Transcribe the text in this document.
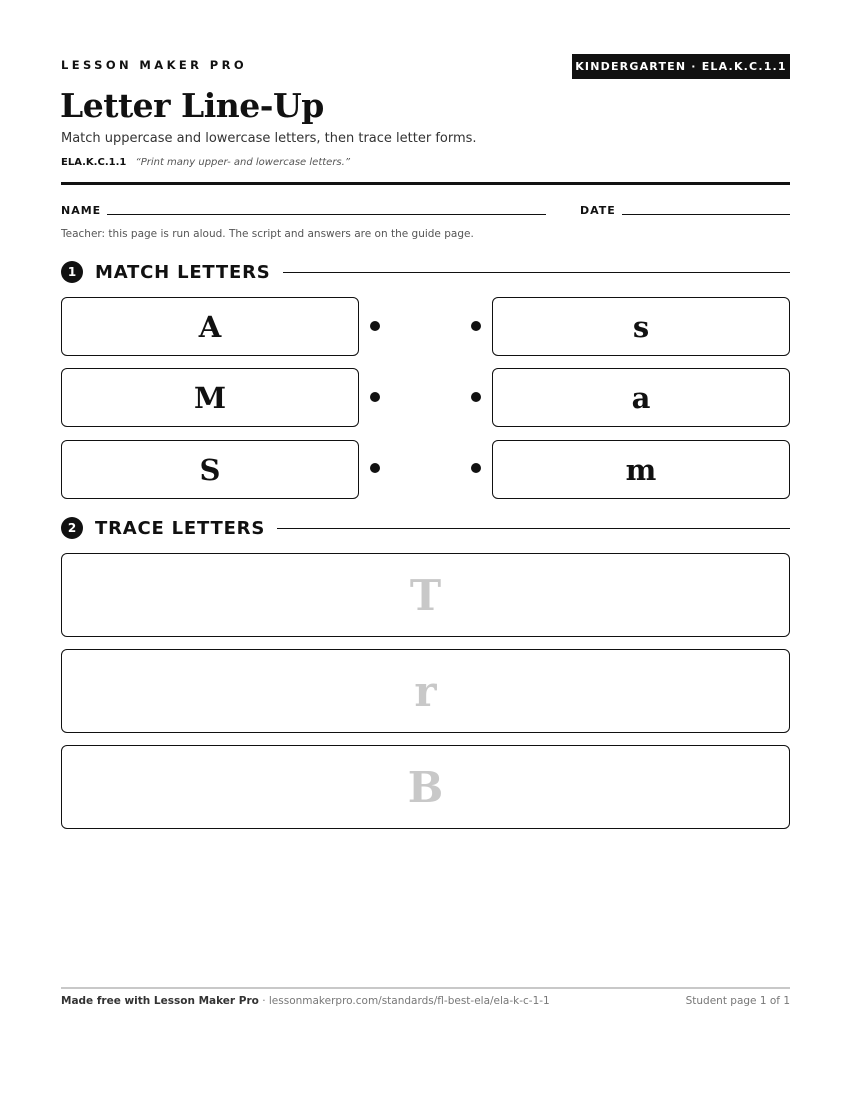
LESSON MAKER PRO	KINDERGARTEN · ELA.K.C.1.1
Letter Line-Up
Match uppercase and lowercase letters, then trace letter forms.
ELA.K.C.1.1 “Print many upper- and lowercase letters.”
NAME	DATE
Teacher: this page is run aloud. The script and answers are on the guide page.
1	MATCH LETTERS
A	s
M	a
S	m
2	TRACE LETTERS
T
r
B
Made free with Lesson Maker Pro · lessonmakerpro.com/standards/fl-best-ela/ela-k-c-1-1	Student page 1 of 1
